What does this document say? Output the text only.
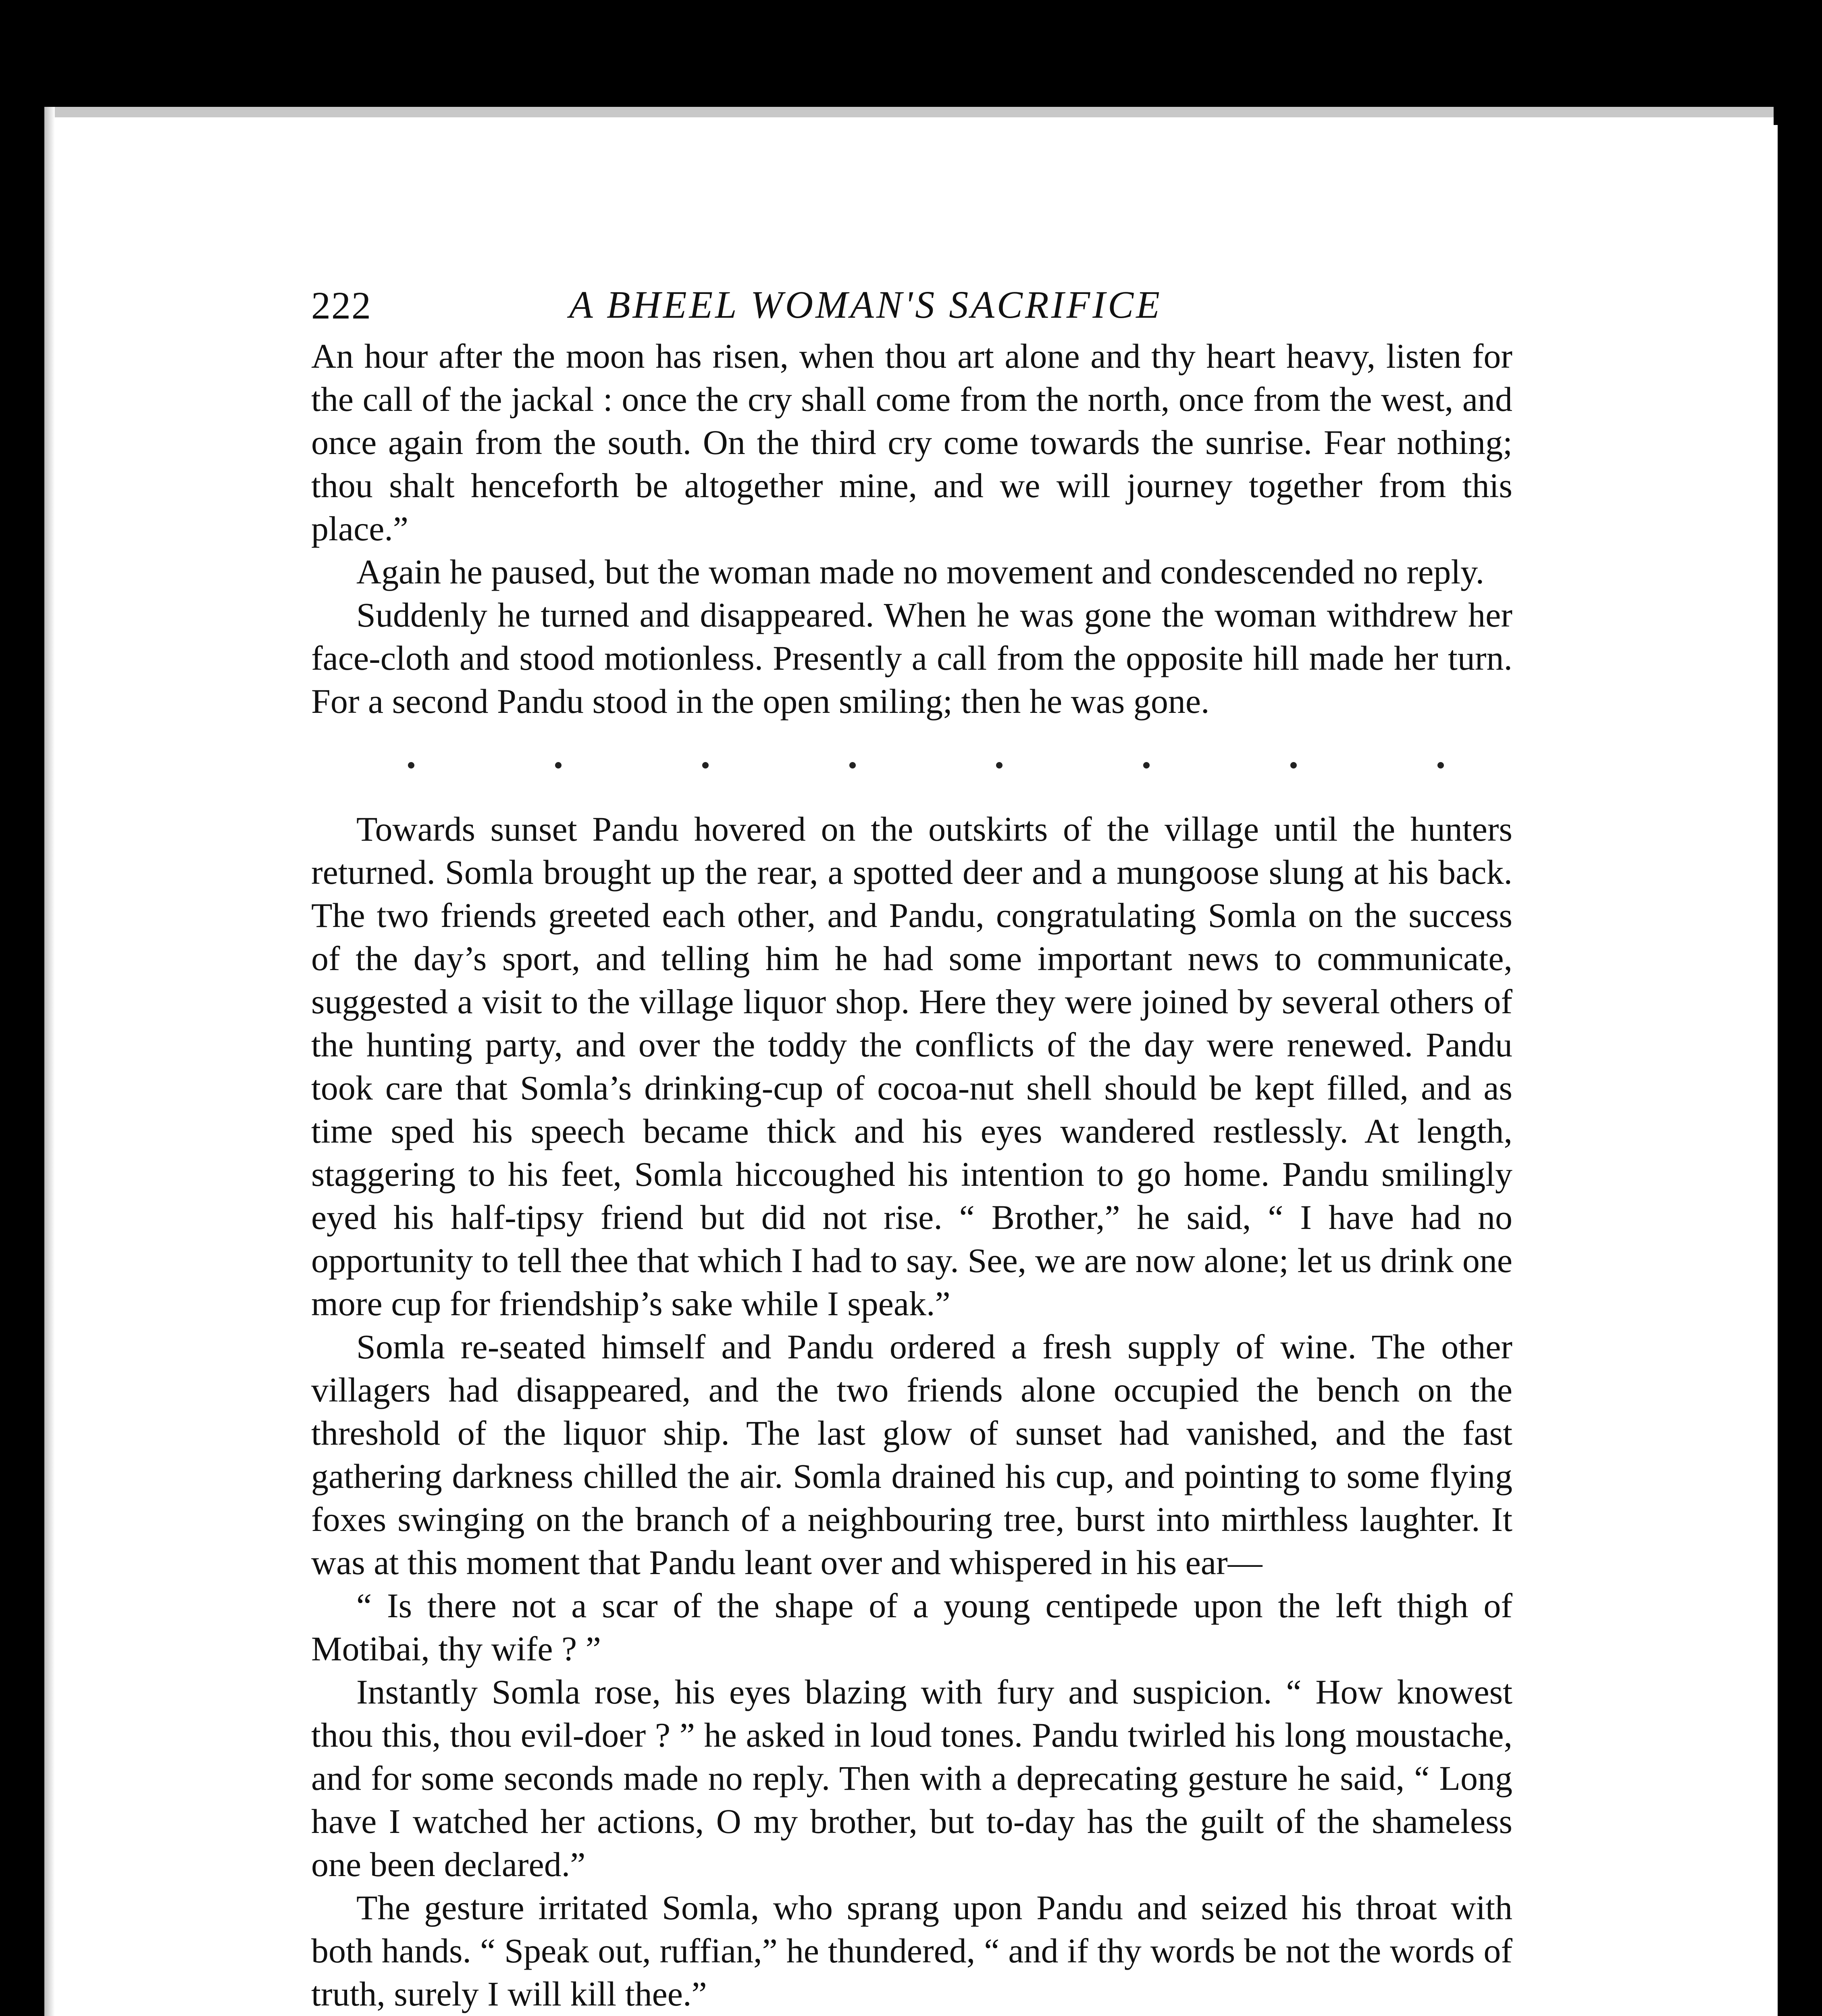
222	A BHEEL WOMAN'S SACRIFICE

An hour after the moon has risen, when thou art alone and thy heart heavy, listen for the call of the jackal : once the cry shall come from the north, once from the west, and once again from the south. On the third cry come towards the sunrise. Fear nothing; thou shalt henceforth be altogether mine, and we will journey together from this place.”

Again he paused, but the woman made no movement and condescended no reply.

Suddenly he turned and disappeared. When he was gone the woman withdrew her face-cloth and stood motionless. Presently a call from the opposite hill made her turn. For a second Pandu stood in the open smiling; then he was gone.

Towards sunset Pandu hovered on the outskirts of the village until the hunters returned. Somla brought up the rear, a spotted deer and a mungoose slung at his back. The two friends greeted each other, and Pandu, congratulating Somla on the success of the day’s sport, and telling him he had some important news to communicate, suggested a visit to the village liquor shop. Here they were joined by several others of the hunting party, and over the toddy the conflicts of the day were renewed. Pandu took care that Somla’s drinking-cup of cocoa-nut shell should be kept filled, and as time sped his speech became thick and his eyes wandered restlessly. At length, staggering to his feet, Somla hiccoughed his intention to go home. Pandu smilingly eyed his half-tipsy friend but did not rise. “ Brother,” he said, “ I have had no opportunity to tell thee that which I had to say. See, we are now alone; let us drink one more cup for friendship’s sake while I speak.”

Somla re-seated himself and Pandu ordered a fresh supply of wine. The other villagers had disappeared, and the two friends alone occupied the bench on the threshold of the liquor ship. The last glow of sunset had vanished, and the fast gathering darkness chilled the air. Somla drained his cup, and pointing to some flying foxes swinging on the branch of a neighbouring tree, burst into mirthless laughter. It was at this moment that Pandu leant over and whispered in his ear—

“ Is there not a scar of the shape of a young centipede upon the left thigh of Motibai, thy wife ? ”

Instantly Somla rose, his eyes blazing with fury and suspicion. “ How knowest thou this, thou evil-doer ? ” he asked in loud tones. Pandu twirled his long moustache, and for some seconds made no reply. Then with a deprecating gesture he said, “ Long have I watched her actions, O my brother, but to-day has the guilt of the shameless one been declared.”

The gesture irritated Somla, who sprang upon Pandu and seized his throat with both hands. “ Speak out, ruffian,” he thundered, “ and if thy words be not the words of truth, surely I will kill thee.”
